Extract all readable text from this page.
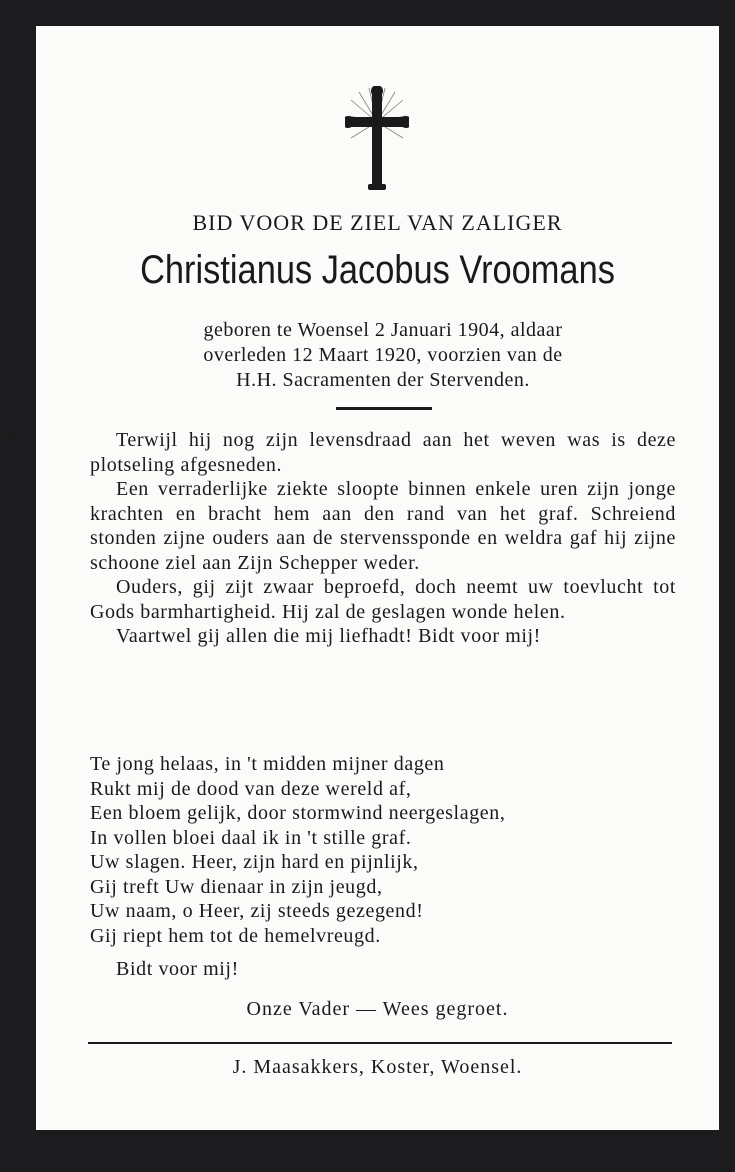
BID VOOR DE ZIEL VAN ZALIGER
Christianus Jacobus Vroomans
geboren te Woensel 2 Januari 1904, aldaar
overleden 12 Maart 1920, voorzien van de
H.H. Sacramenten der Stervenden.

Terwijl hij nog zijn levensdraad aan het weven was is deze plotseling afgesneden.

Een verraderlijke ziekte sloopte binnen enkele uren zijn jonge krachten en bracht hem aan den rand van het graf. Schreiend stonden zijne ouders aan de stervenssponde en weldra gaf hij zijne schoone ziel aan Zijn Schepper weder.

Ouders, gij zijt zwaar beproefd, doch neemt uw toevlucht tot Gods barmhartigheid. Hij zal de geslagen wonde helen.

Vaartwel gij allen die mij liefhadt! Bidt voor mij!

Te jong helaas, in 't midden mijner dagen
Rukt mij de dood van deze wereld af,
Een bloem gelijk, door stormwind neergeslagen,
In vollen bloei daal ik in 't stille graf.
Uw slagen. Heer, zijn hard en pijnlijk,
Gij treft Uw dienaar in zijn jeugd,
Uw naam, o Heer, zij steeds gezegend!
Gij riept hem tot de hemelvreugd.
Bidt voor mij!
Onze Vader — Wees gegroet.
J. Maasakkers, Koster, Woensel.
